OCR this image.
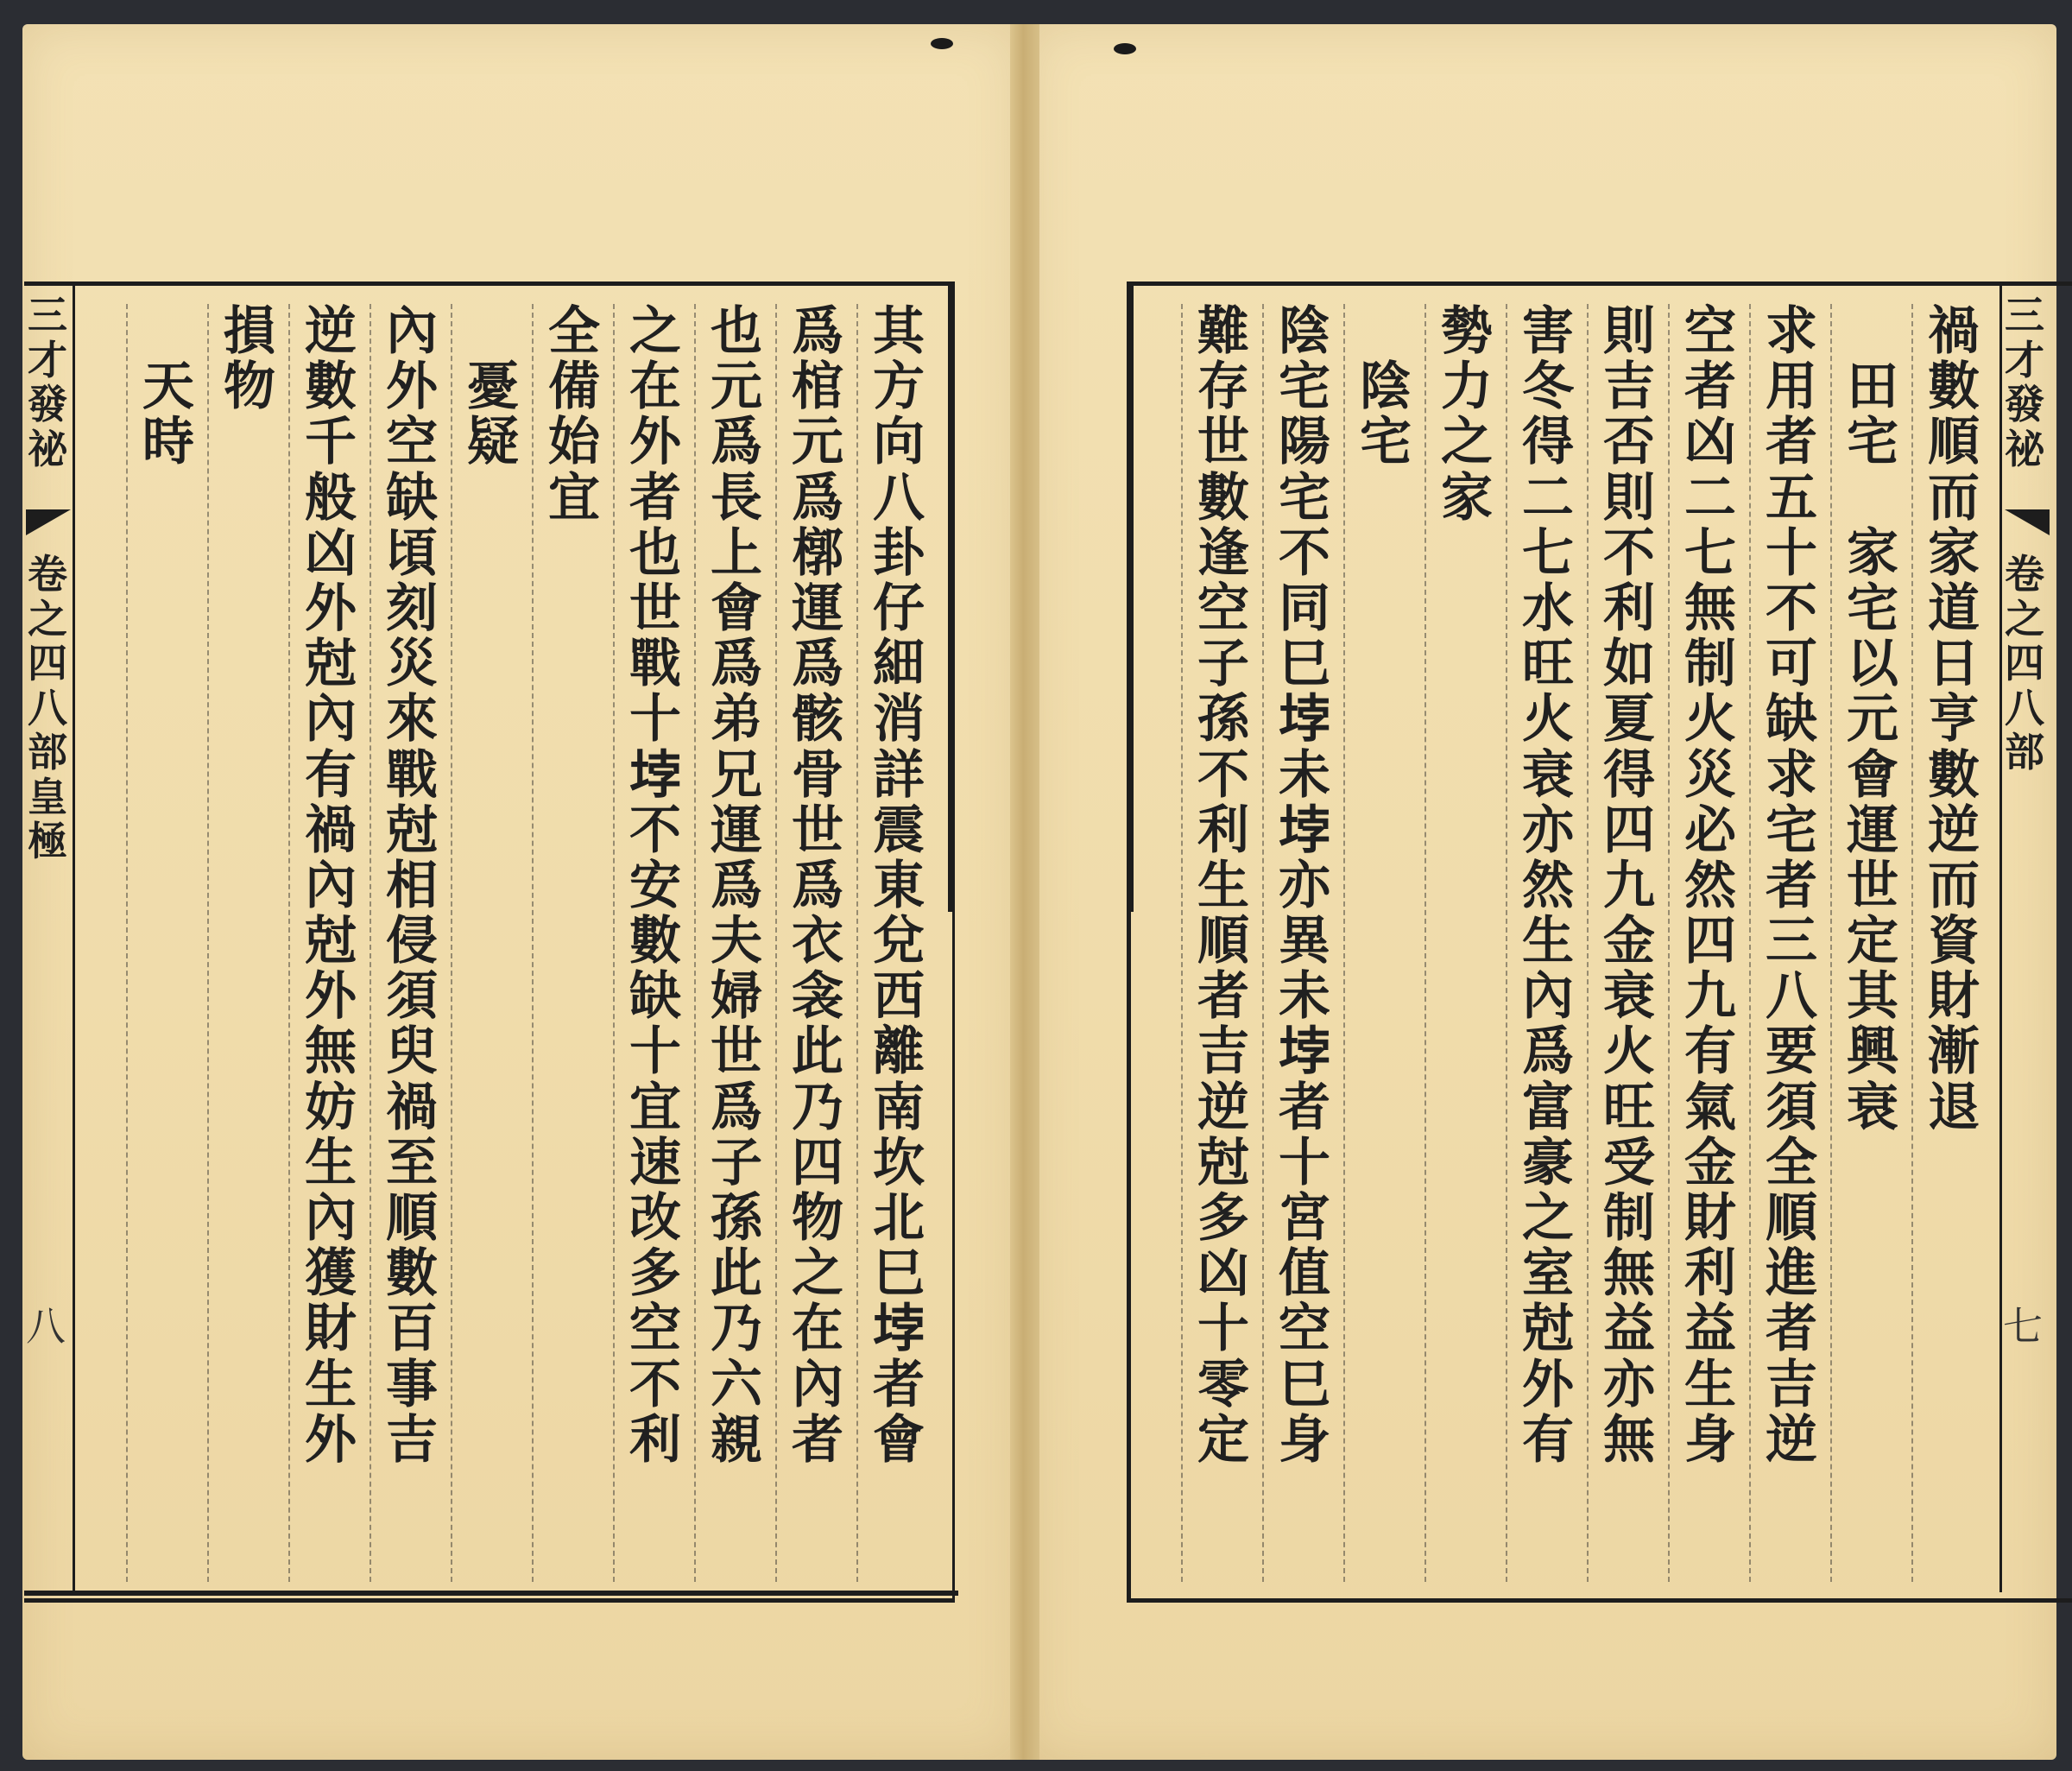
三
才
發
祕
卷
之
四
八
部
皇
極
八
其
方
向
八
卦
仔
細
消
詳
震
東
兌
西
離
南
坎
北
巳
𡋯
者
會
爲
棺
元
爲
槨
運
爲
骸
骨
世
爲
衣
衾
此
乃
四
物
之
在
內
者
也
元
爲
長
上
會
爲
弟
兄
運
爲
夫
婦
世
爲
子
孫
此
乃
六
親
之
在
外
者
也
世
戰
十
𡋯
不
安
數
缺
十
宜
速
改
多
空
不
利
全
備
始
宜

憂
疑
內
外
空
缺
頃
刻
災
來
戰
尅
相
侵
須
臾
禍
至
順
數
百
事
吉
逆
數
千
般
凶
外
尅
內
有
禍
內
尅
外
無
妨
生
內
獲
財
生
外
損
物

天
時
三
才
發
祕
卷
之
四
八
部
七
禍
數
順
而
家
道
日
亨
數
逆
而
資
財
漸
退

田
宅

家
宅
以
元
會
運
世
定
其
興
衰
求
用
者
五
十
不
可
缺
求
宅
者
三
八
要
須
全
順
進
者
吉
逆
空
者
凶
二
七
無
制
火
災
必
然
四
九
有
氣
金
財
利
益
生
身
則
吉
否
則
不
利
如
夏
得
四
九
金
衰
火
旺
受
制
無
益
亦
無
害
冬
得
二
七
水
旺
火
衰
亦
然
生
內
爲
富
豪
之
室
尅
外
有
勢
力
之
家

陰
宅
陰
宅
陽
宅
不
同
巳
𡋯
未
𡋯
亦
異
未
𡋯
者
十
宮
值
空
巳
身
難
存
世
數
逢
空
子
孫
不
利
生
順
者
吉
逆
尅
多
凶
十
零
定
